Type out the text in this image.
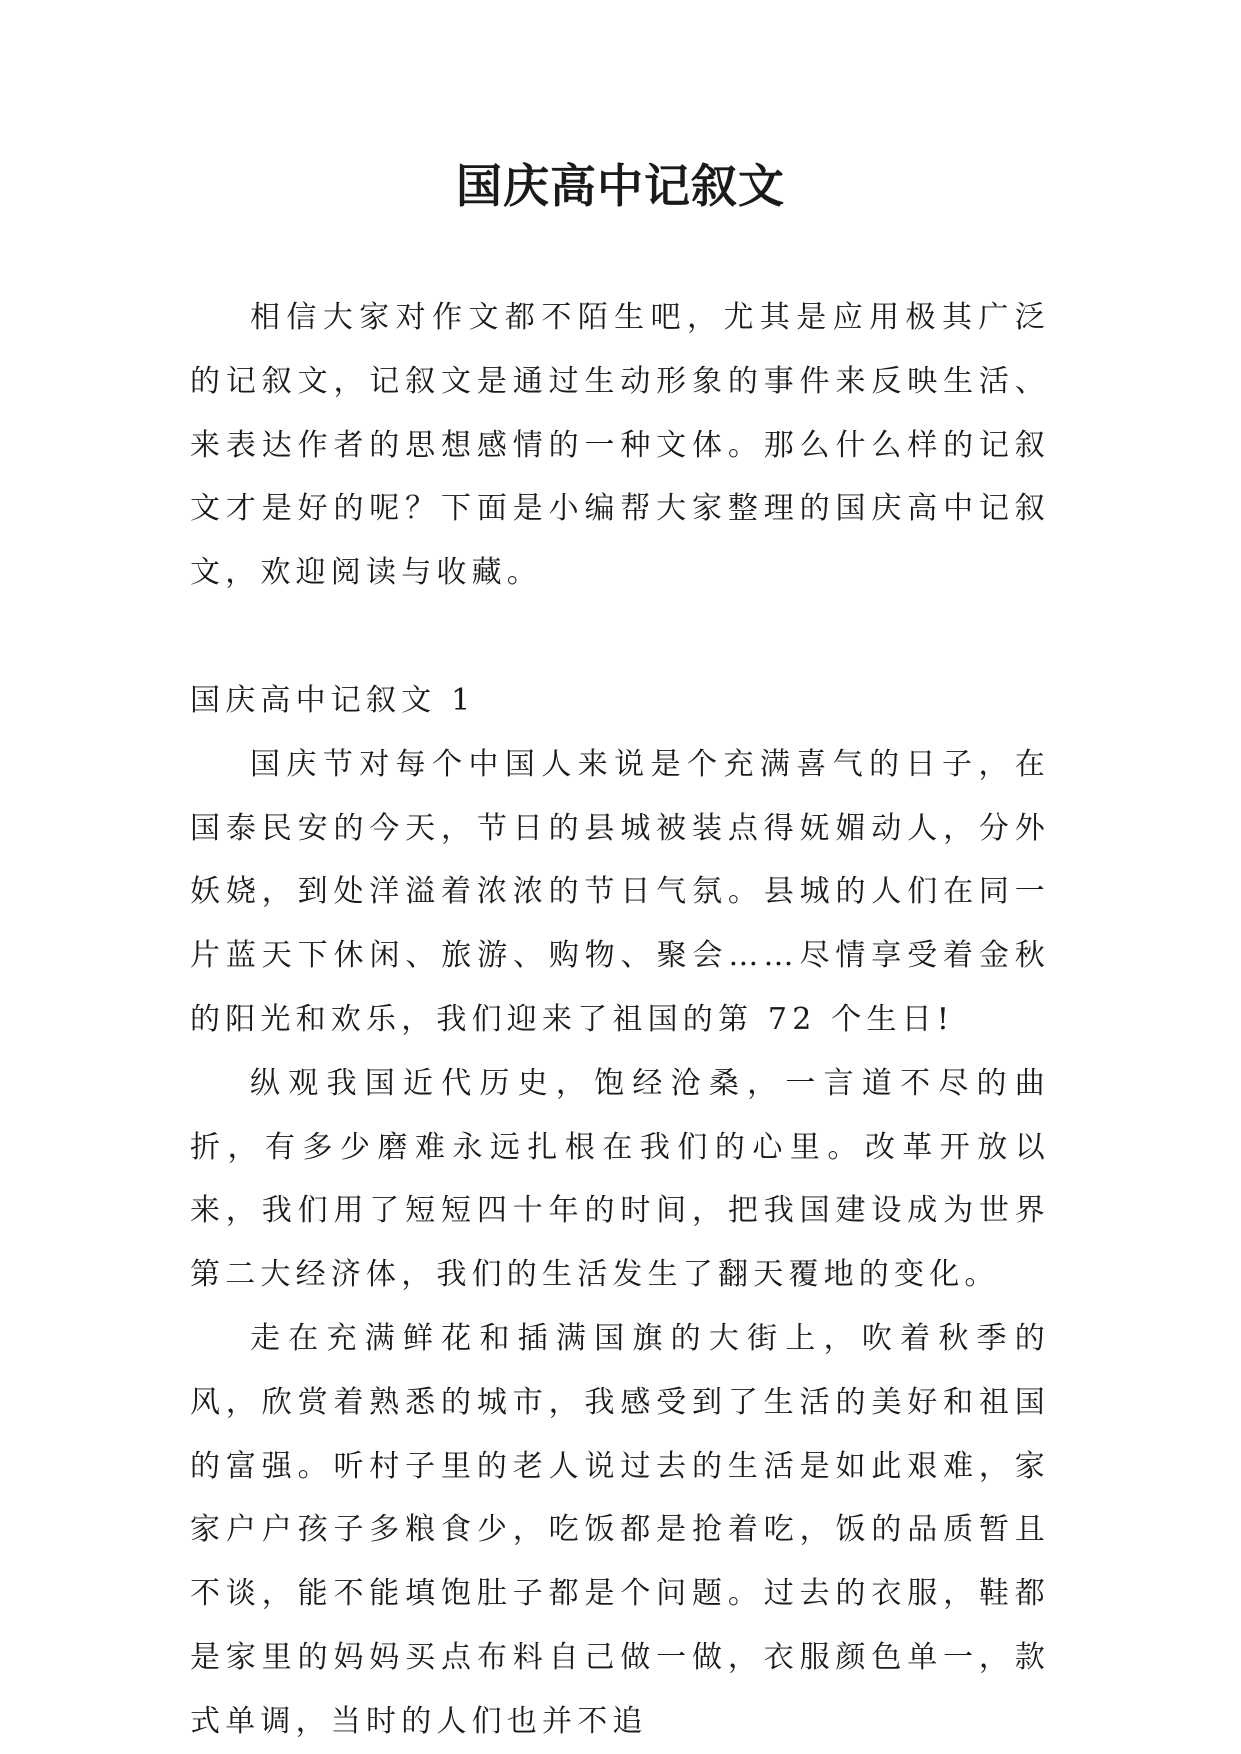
国庆高中记叙文

相信大家对作文都不陌生吧，尤其是应用极其广泛的记叙文，记叙文是通过生动形象的事件来反映生活、来表达作者的思想感情的一种文体。那么什么样的记叙文才是好的呢？下面是小编帮大家整理的国庆高中记叙文，欢迎阅读与收藏。

国庆高中记叙文 1

国庆节对每个中国人来说是个充满喜气的日子，在国泰民安的今天，节日的县城被装点得妩媚动人，分外妖娆，到处洋溢着浓浓的节日气氛。县城的人们在同一片蓝天下休闲、旅游、购物、聚会……尽情享受着金秋的阳光和欢乐，我们迎来了祖国的第 72 个生日!

纵观我国近代历史，饱经沧桑，一言道不尽的曲折，有多少磨难永远扎根在我们的心里。改革开放以来，我们用了短短四十年的时间，把我国建设成为世界第二大经济体，我们的生活发生了翻天覆地的变化。

走在充满鲜花和插满国旗的大街上，吹着秋季的风，欣赏着熟悉的城市，我感受到了生活的美好和祖国的富强。听村子里的老人说过去的生活是如此艰难，家家户户孩子多粮食少，吃饭都是抢着吃，饭的品质暂且不谈，能不能填饱肚子都是个问题。过去的衣服，鞋都是家里的妈妈买点布料自己做一做，衣服颜色单一，款式单调，当时的人们也并不追
